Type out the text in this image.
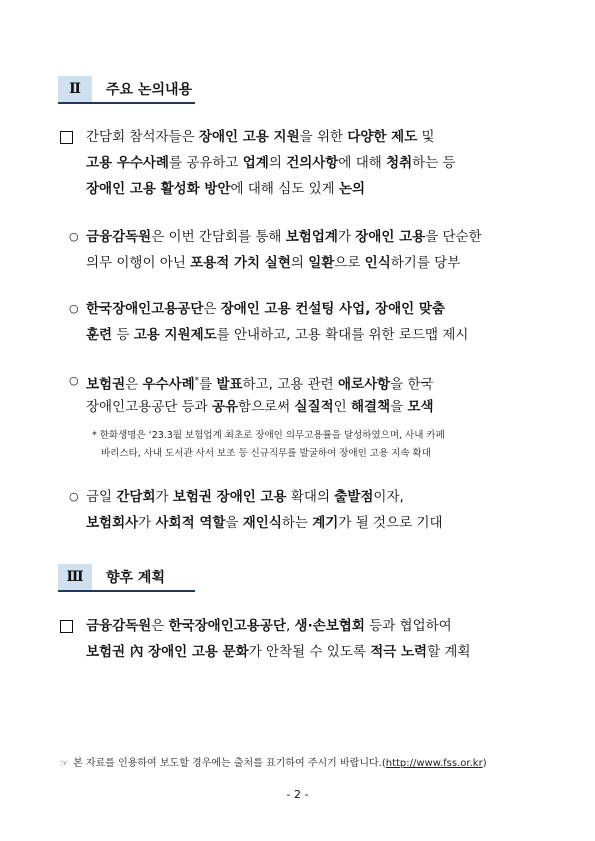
Ⅱ	주요 논의내용
간담회 참석자들은 장애인 고용 지원을 위한 다양한 제도 및
고용 우수사례를 공유하고 업계의 건의사항에 대해 청취하는 등
장애인 고용 활성화 방안에 대해 심도 있게 논의
○ 금융감독원은 이번 간담회를 통해 보험업계가 장애인 고용을 단순한
의무 이행이 아닌 포용적 가치 실현의 일환으로 인식하기를 당부
○ 한국장애인고용공단은 장애인 고용 컨설팅 사업, 장애인 맞춤
훈련 등 고용 지원제도를 안내하고, 고용 확대를 위한 로드맵 제시
○ 보험권은 우수사례*를 발표하고, 고용 관련 애로사항을 한국
장애인고용공단 등과 공유함으로써 실질적인 해결책을 모색
* 한화생명은 ‘23.3월 보험업계 최초로 장애인 의무고용률을 달성하였으며, 사내 카페
바리스타, 사내 도서관 사서 보조 등 신규직무를 발굴하여 장애인 고용 지속 확대
○ 금일 간담회가 보험권 장애인 고용 확대의 출발점이자,
보험회사가 사회적 역할을 재인식하는 계기가 될 것으로 기대
Ⅲ	향후 계획
금융감독원은 한국장애인고용공단, 생·손보협회 등과 협업하여
보험권 內 장애인 고용 문화가 안착될 수 있도록 적극 노력할 계획
☞ 본 자료를 인용하여 보도할 경우에는 출처를 표기하여 주시기 바랍니다.(http://www.fss.or.kr)
- 2 -
